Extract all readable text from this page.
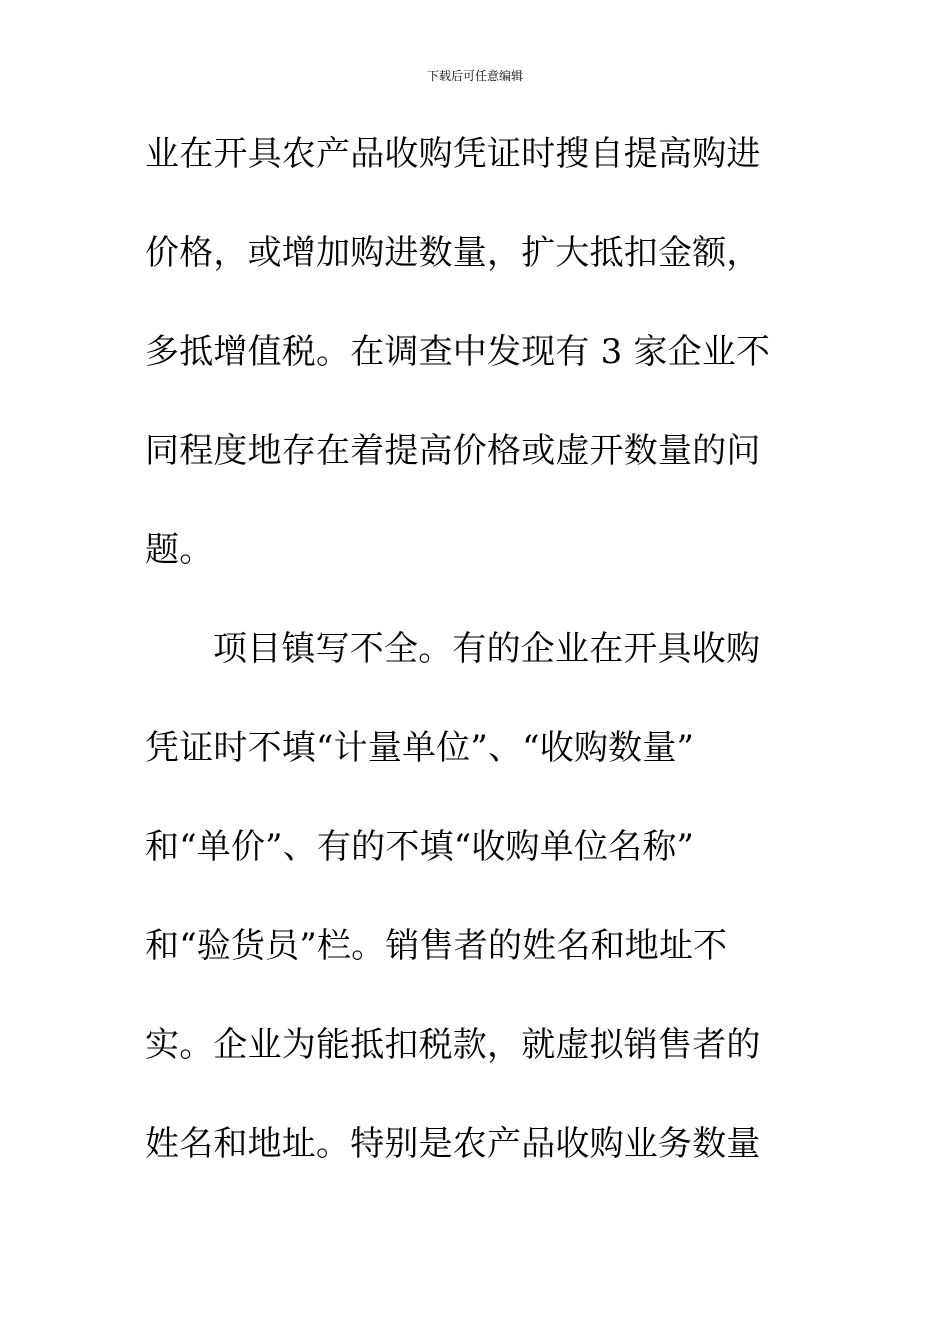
下载后可任意编辑
业在开具农产品收购凭证时搜自提高购进
价格，或增加购进数量，扩大抵扣金额，
多抵增值税。在调查中发现有 3 家企业不
同程度地存在着提高价格或虚开数量的问
题。
项目镇写不全。有的企业在开具收购
凭证时不填“计量单位”、“收购数量”
和“单价”、有的不填“收购单位名称”
和“验货员”栏。销售者的姓名和地址不
实。企业为能抵扣税款，就虚拟销售者的
姓名和地址。特别是农产品收购业务数量
